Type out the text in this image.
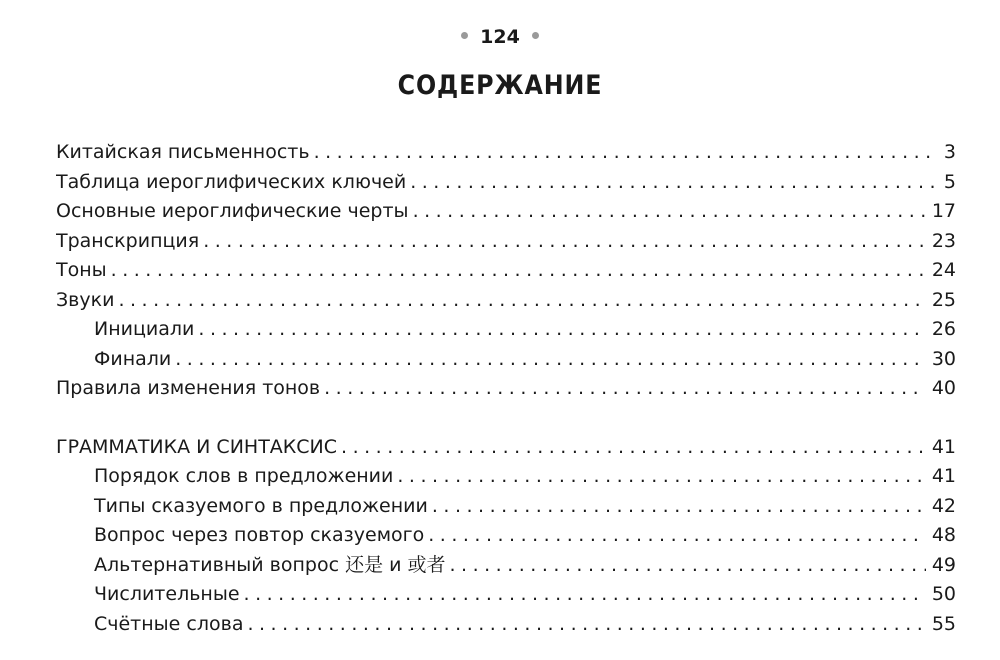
124
СОДЕРЖАНИЕ
Китайская письменность .....	3
Таблица иероглифических ключей .....	5
Основные иероглифические черты .....	17
Транскрипция .....	23
Тоны .....	24
Звуки .....	25
Инициали .....	26
Финали .....	30
Правила изменения тонов .....	40
ГРАММАТИКА И СИНТАКСИС .....	41
Порядок слов в предложении .....	41
Типы сказуемого в предложении .....	42
Вопрос через повтор сказуемого .....	48
Альтернативный вопрос 还是 и 或者 .....	49
Числительные .....	50
Счётные слова .....	55
